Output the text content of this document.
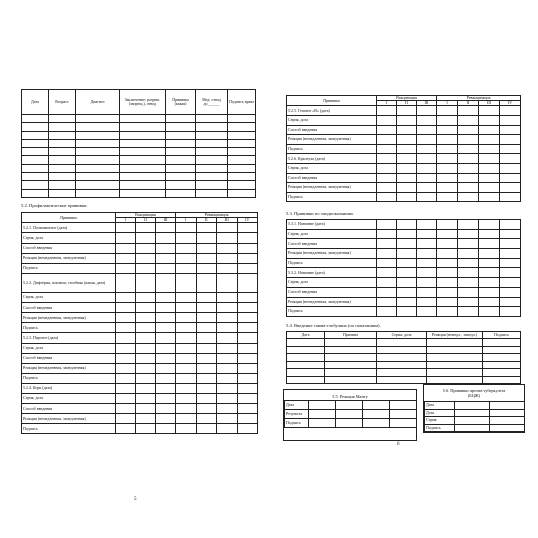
Дата	Возраст	Диагноз	Заключение: разреш.(запрещ.), отвод	Прививка (какая)	Мед. отвод до______	Подпись врача

5.2. Профилактические прививки.
Прививка	Вакцинация			Ревакцинация			
	I	II	III	I	II	III	IV
5.2.1. Полиомиелит (дата)							
Серия, доза							
Способ введения							
Реакция (немедленная, замедленная)							
Подпись							
5.2.2. Дифтерия, коклюш, столбняк (какая, дата)							
Серия, доза							
Способ введения							
Реакция (немедленная, замедленная)							
Подпись							
5.2.3. Паротит (дата)							
Серия, доза							
Способ введения							
Реакция (немедленная, замедленная)							
Подпись							
5.2.4. Корь (дата)							
Серия, доза							
Способ введения							
Реакция (немедленная, замедленная)							
Подпись							
5
Прививка	Вакцинация			Ревакцинация			
	I	II	III	I	II	III	IV
5.2.5. Гепатит «В» (дата)							
Серия, доза							
Способ введения							
Реакция (немедленная, замедленная)							
Подпись							
5.2.6. Краснуха (дата)							
Серия, доза							
Способ введения							
Реакция (немедленная, замедленная)							
Подпись							
5.3. Прививки по эпидпоказаниям.
5.3.1. Название (дата)							
Серия, доза							
Способ введения							
Реакция (немедленная, замедленная)							
Подпись							
5.3.2. Название (дата)							
Серия, доза							
Способ введения							
Реакция (немедленная, замедленная)							
Подпись							
5.4. Введение гамма-глобулина (по показаниям).
Дата	Причина	Серия, доза	Реакция (немедл., замедл.)	Подпись

5.5. Реакция Манту
Дата				
Результат				
Подпись				
5.6. Прививки против туберкулеза (БЦЖ)
Дата		
Доза		
Серия		
Подпись		
6
